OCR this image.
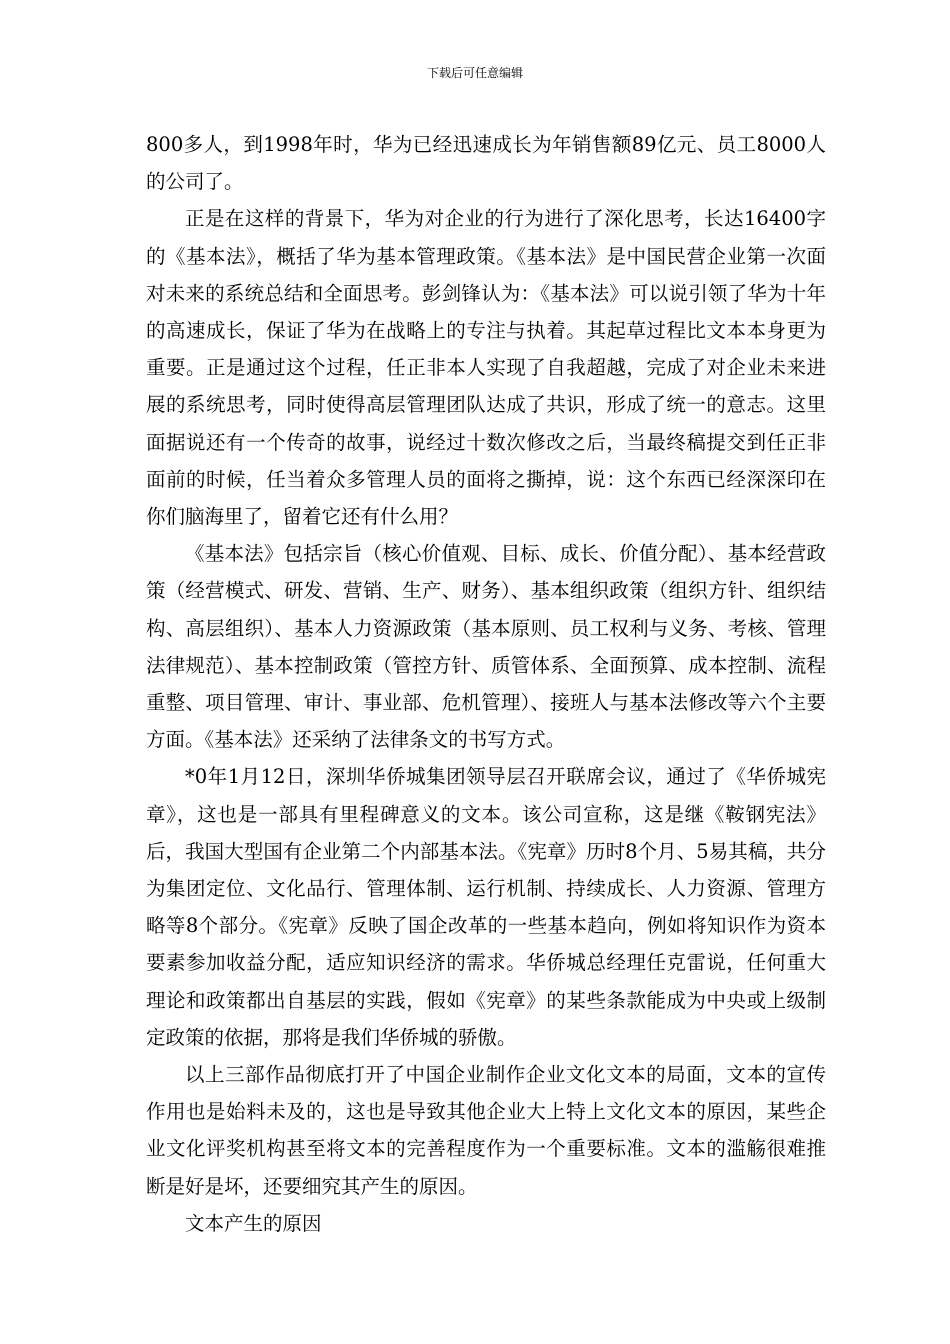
下载后可任意编辑

800多人，到1998年时，华为已经迅速成长为年销售额89亿元、员工8000人的公司了。

正是在这样的背景下，华为对企业的行为进行了深化思考，长达16400字的《基本法》，概括了华为基本管理政策。《基本法》是中国民营企业第一次面对未来的系统总结和全面思考。彭剑锋认为：《基本法》可以说引领了华为十年的高速成长，保证了华为在战略上的专注与执着。其起草过程比文本本身更为重要。正是通过这个过程，任正非本人实现了自我超越，完成了对企业未来进展的系统思考，同时使得高层管理团队达成了共识，形成了统一的意志。这里面据说还有一个传奇的故事，说经过十数次修改之后，当最终稿提交到任正非面前的时候，任当着众多管理人员的面将之撕掉，说：这个东西已经深深印在你们脑海里了，留着它还有什么用？

《基本法》包括宗旨（核心价值观、目标、成长、价值分配）、基本经营政策（经营模式、研发、营销、生产、财务）、基本组织政策（组织方针、组织结构、高层组织）、基本人力资源政策（基本原则、员工权利与义务、考核、管理法律规范）、基本控制政策（管控方针、质管体系、全面预算、成本控制、流程重整、项目管理、审计、事业部、危机管理）、接班人与基本法修改等六个主要方面。《基本法》还采纳了法律条文的书写方式。

*0年1月12日，深圳华侨城集团领导层召开联席会议，通过了《华侨城宪章》，这也是一部具有里程碑意义的文本。该公司宣称，这是继《鞍钢宪法》后，我国大型国有企业第二个内部基本法。《宪章》历时8个月、5易其稿，共分为集团定位、文化品行、管理体制、运行机制、持续成长、人力资源、管理方略等8个部分。《宪章》反映了国企改革的一些基本趋向，例如将知识作为资本要素参加收益分配，适应知识经济的需求。华侨城总经理任克雷说，任何重大理论和政策都出自基层的实践，假如《宪章》的某些条款能成为中央或上级制定政策的依据，那将是我们华侨城的骄傲。

以上三部作品彻底打开了中国企业制作企业文化文本的局面，文本的宣传作用也是始料未及的，这也是导致其他企业大上特上文化文本的原因，某些企业文化评奖机构甚至将文本的完善程度作为一个重要标准。文本的滥觞很难推断是好是坏，还要细究其产生的原因。

文本产生的原因
